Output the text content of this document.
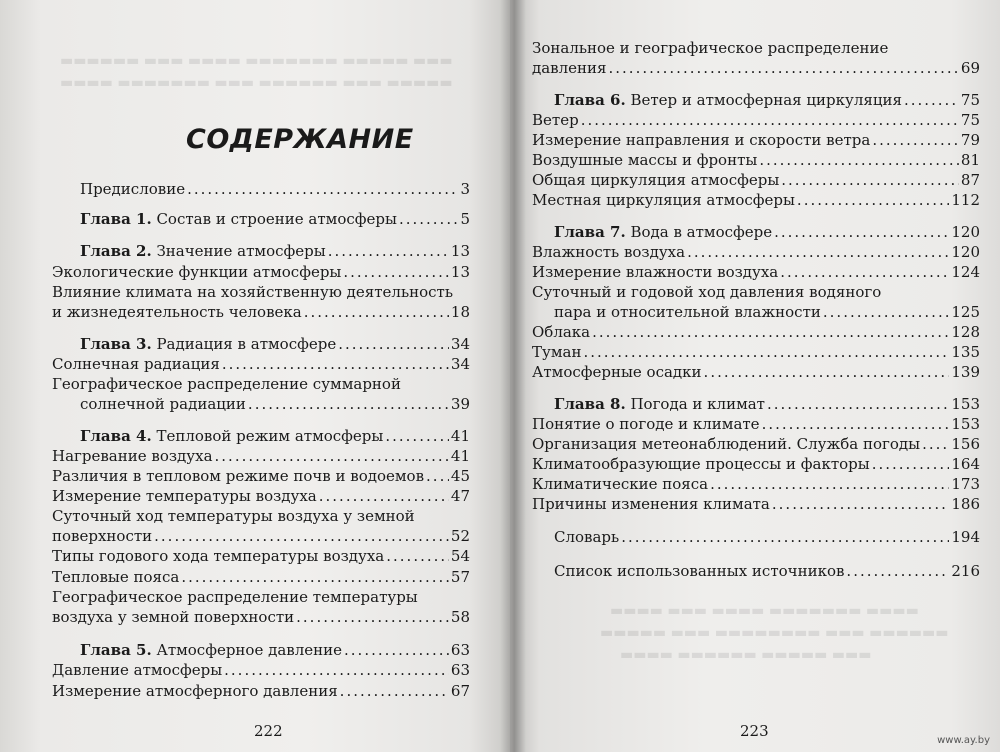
▬▬▬ ▬▬▬▬▬ ▬▬▬▬▬▬▬ ▬▬▬▬ ▬▬▬ ▬▬▬▬▬▬
▬▬▬▬▬ ▬▬▬ ▬▬▬▬▬▬ ▬▬▬ ▬▬▬▬▬▬▬ ▬▬▬▬
СОДЕРЖАНИЕ
Предисловие .....	3
Глава 1. Состав и строение атмосферы .....	5
Глава 2. Значение атмосферы .....	13
Экологические функции атмосферы .....	13
Влияние климата на хозяйственную деятельность
и жизнедеятельность человека .....	18
Глава 3. Радиация в атмосфере .....	34
Солнечная радиация .....	34
Географическое распределение суммарной
солнечной радиации .....	39
Глава 4. Тепловой режим атмосферы .....	41
Нагревание воздуха .....	41
Различия в тепловом режиме почв и водоемов ..... 45
Измерение температуры воздуха .....	47
Суточный ход температуры воздуха у земной
поверхности .....	52
Типы годового хода температуры воздуха .....	54
Тепловые пояса .....	57
Географическое распределение температуры
воздуха у земной поверхности .....	58
Глава 5. Атмосферное давление .....	63
Давление атмосферы .....	63
Измерение атмосферного давления .....	67
222
Зональное и географическое распределение
давления .....	69
Глава 6. Ветер и атмосферная циркуляция .....	75
Ветер .....	75
Измерение направления и скорости ветра .....	79
Воздушные массы и фронты .....	81
Общая циркуляция атмосферы .....	87
Местная циркуляция атмосферы .....	112
Глава 7. Вода в атмосфере .....	120
Влажность воздуха .....	120
Измерение влажности воздуха .....	124
Суточный и годовой ход давления водяного
пара и относительной влажности .....	125
Облака .....	128
Туман .....	135
Атмосферные осадки .....	139
Глава 8. Погода и климат .....	153
Понятие о погоде и климате .....	153
Организация метеонаблюдений. Служба погоды ..... 156
Климатообразующие процессы и факторы .....	164
Климатические пояса .....	173
Причины изменения климата .....	186
Словарь .....	194
Список использованных источников .....	216
▬▬▬▬ ▬▬▬▬▬▬▬ ▬▬▬▬ ▬▬▬ ▬▬▬▬
▬▬▬▬▬▬ ▬▬▬ ▬▬▬▬▬▬▬▬ ▬▬▬ ▬▬▬▬▬
▬▬▬ ▬▬▬▬▬ ▬▬▬▬▬▬ ▬▬▬▬
223
www.ay.by
